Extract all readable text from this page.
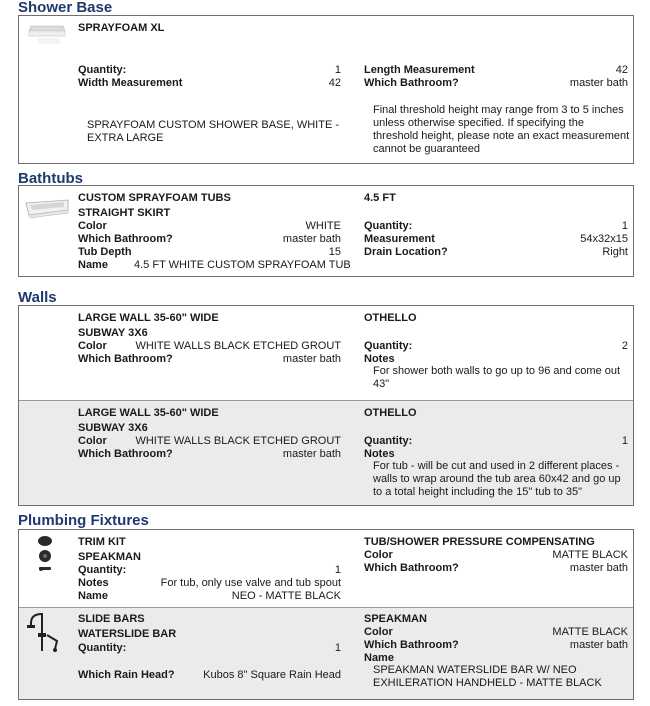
Shower Base
SPRAYFOAM XL
Quantity:	1
Width Measurement	42
Length Measurement	42
Which Bathroom?	master bath
SPRAYFOAM CUSTOM SHOWER BASE, WHITE - EXTRA LARGE
Final threshold height may range from 3 to 5 inches unless otherwise specified. If specifying the threshold height, please note an exact measurement cannot be guaranteed
Bathtubs
CUSTOM SPRAYFOAM TUBS
STRAIGHT SKIRT
Color	WHITE
Which Bathroom?	master bath
Tub Depth	15
Name 4.5 FT WHITE CUSTOM SPRAYFOAM TUB
4.5 FT
Quantity:	1
Measurement	54x32x15
Drain Location?	Right
Walls
LARGE WALL 35-60" WIDE
SUBWAY 3X6
Color	WHITE WALLS BLACK ETCHED GROUT
Which Bathroom?	master bath
OTHELLO
Quantity:	2
Notes
For shower both walls to go up to 96 and come out 43"
LARGE WALL 35-60" WIDE
SUBWAY 3X6
Color	WHITE WALLS BLACK ETCHED GROUT
Which Bathroom?	master bath
OTHELLO
Quantity:	1
Notes
For tub - will be cut and used in 2 different places - walls to wrap around the tub area 60x42 and go up to a total height including the 15" tub to 35"
Plumbing Fixtures
TRIM KIT
SPEAKMAN
Quantity:	1
Notes	For tub, only use valve and tub spout
Name	NEO - MATTE BLACK
TUB/SHOWER PRESSURE COMPENSATING
Color	MATTE BLACK
Which Bathroom?	master bath
SLIDE BARS
WATERSLIDE BAR
Quantity:	1
Which Rain Head?	Kubos 8" Square Rain Head
SPEAKMAN
Color	MATTE BLACK
Which Bathroom?	master bath
Name
SPEAKMAN WATERSLIDE BAR W/ NEO EXHILERATION HANDHELD - MATTE BLACK
